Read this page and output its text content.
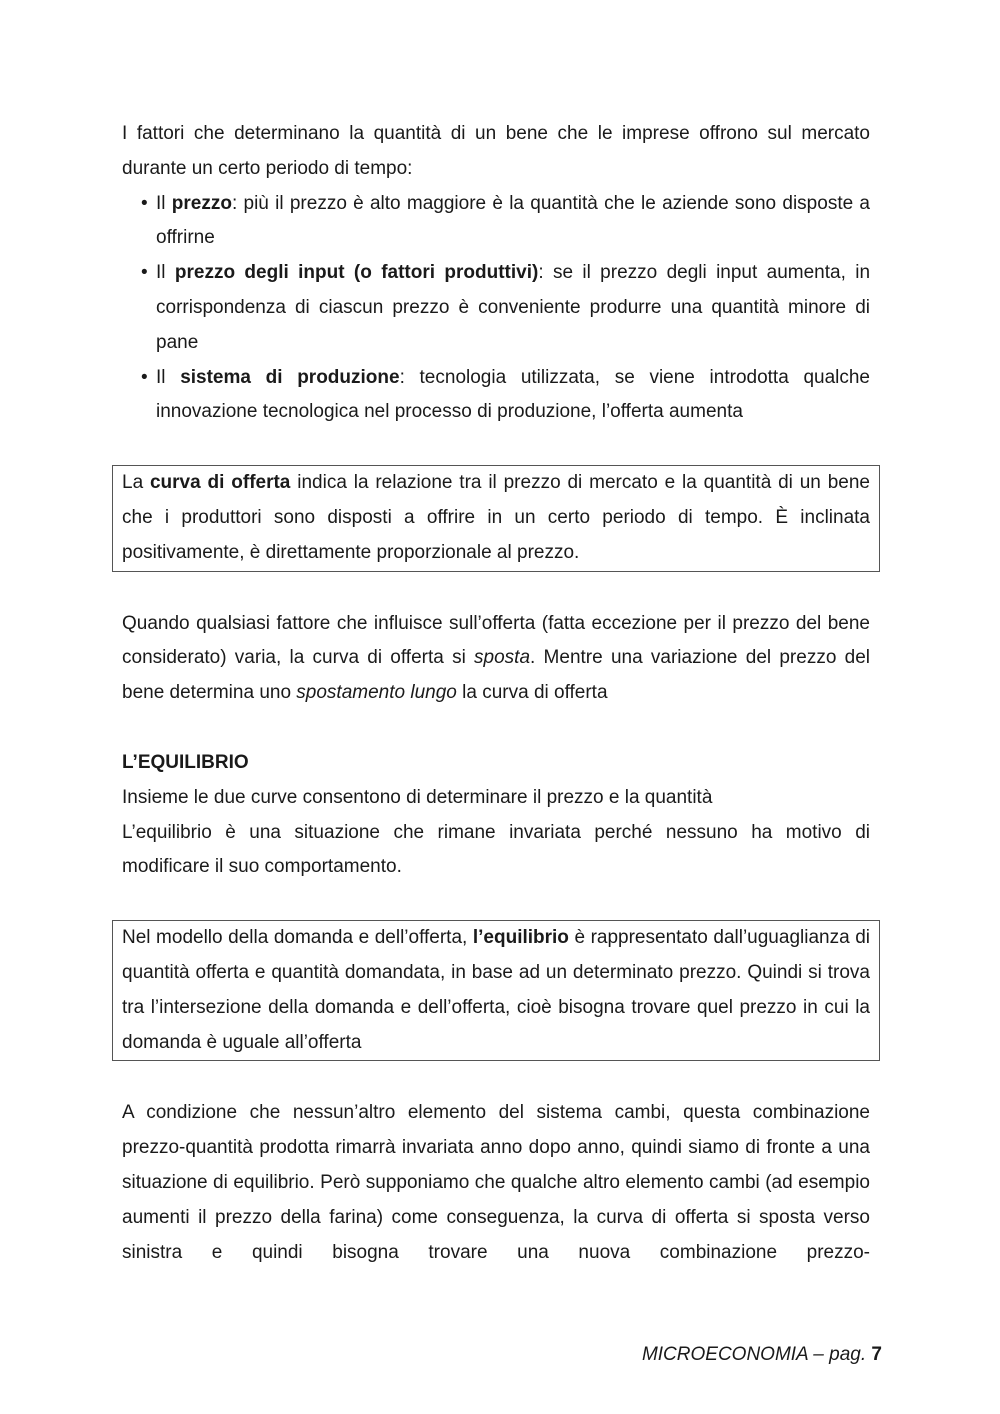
I fattori che determinano la quantità di un bene che le imprese offrono sul mercato durante un certo periodo di tempo:

• Il prezzo: più il prezzo è alto maggiore è la quantità che le aziende sono disposte a offrirne
• Il prezzo degli input (o fattori produttivi): se il prezzo degli input aumenta, in corrispondenza di ciascun prezzo è conveniente produrre una quantità minore di pane
• Il sistema di produzione: tecnologia utilizzata, se viene introdotta qualche innovazione tecnologica nel processo di produzione, l’offerta aumenta

La curva di offerta indica la relazione tra il prezzo di mercato e la quantità di un bene che i produttori sono disposti a offrire in un certo periodo di tempo. È inclinata positivamente, è direttamente proporzionale al prezzo.

Quando qualsiasi fattore che influisce sull’offerta (fatta eccezione per il prezzo del bene considerato) varia, la curva di offerta si sposta. Mentre una variazione del prezzo del bene determina uno spostamento lungo la curva di offerta

L’EQUILIBRIO

Insieme le due curve consentono di determinare il prezzo e la quantità

L’equilibrio è una situazione che rimane invariata perché nessuno ha motivo di modificare il suo comportamento.

Nel modello della domanda e dell’offerta, l’equilibrio è rappresentato dall’uguaglianza di quantità offerta e quantità domandata, in base ad un determinato prezzo. Quindi si trova tra l’intersezione della domanda e dell’offerta, cioè bisogna trovare quel prezzo in cui la domanda è uguale all’offerta

A condizione che nessun’altro elemento del sistema cambi, questa combinazione prezzo-quantità prodotta rimarrà invariata anno dopo anno, quindi siamo di fronte a una situazione di equilibrio. Però supponiamo che qualche altro elemento cambi (ad esempio aumenti il prezzo della farina) come conseguenza, la curva di offerta si sposta verso sinistra e quindi bisogna trovare una nuova combinazione prezzo-

MICROECONOMIA – pag. 7
